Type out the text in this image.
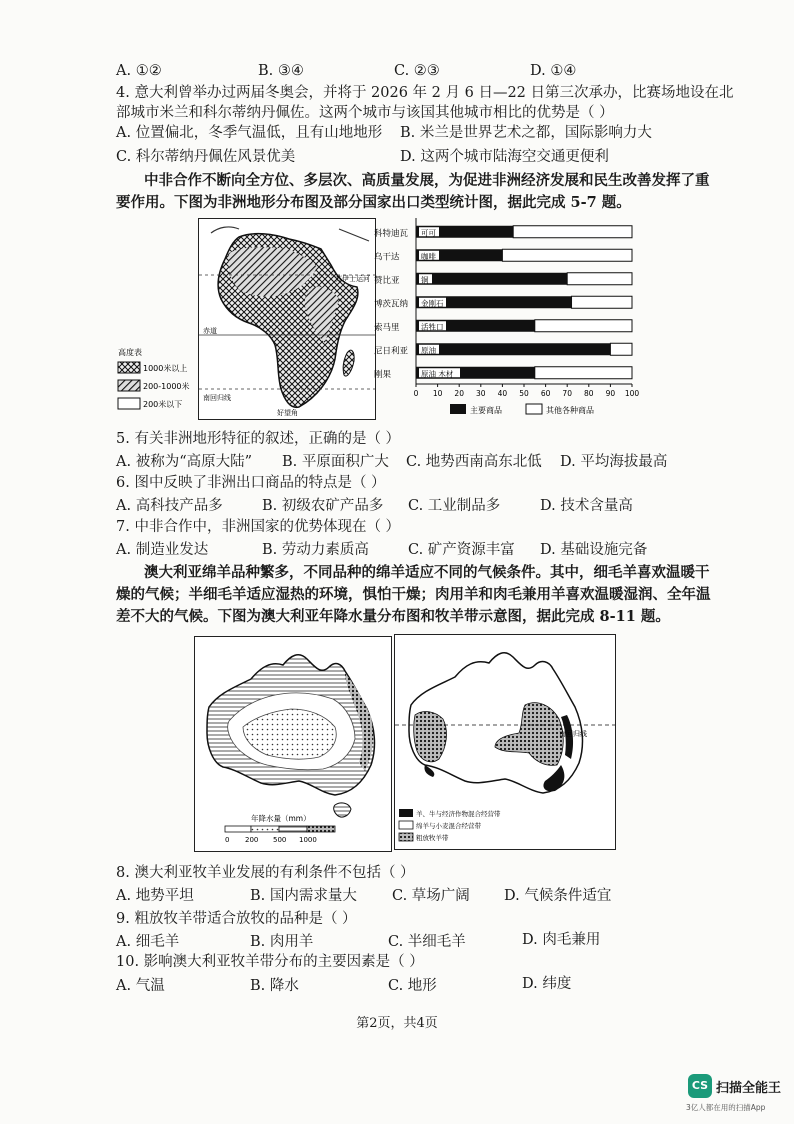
A. ①②	B. ③④	C. ②③	D. ①④
4. 意大利曾举办过两届冬奥会，并将于 2026 年 2 月 6 日—22 日第三次承办，比赛场地设在北
部城市米兰和科尔蒂纳丹佩佐。这两个城市与该国其他城市相比的优势是（ ）
A. 位置偏北，冬季气温低，且有山地地形 B. 米兰是世界艺术之都，国际影响力大
C. 科尔蒂纳丹佩佐风景优美	D. 这两个城市陆海空交通更便利
中非合作不断向全方位、多层次、高质量发展，为促进非洲经济发展和民生改善发挥了重
要作用。下图为非洲地形分布图及部分国家出口类型统计图，据此完成 5-7 题。
苏伊士运河
赤道
南回归线
好望角
高度表
1000米以上
200-1000米
200米以下
科特迪瓦 可可
乌干达	咖啡
赞比亚	铜
博茨瓦纳 金刚石
索马里	活牲口
尼日利亚 原油
刚果	原油 木材
0 10 20 30 40 50 60 70 80 90 100
主要商品	其他各种商品
5. 有关非洲地形特征的叙述，正确的是（ ）
A. 被称为“高原大陆” B. 平原面积广大 C. 地势西南高东北低 D. 平均海拔最高
6. 图中反映了非洲出口商品的特点是（ ）
A. 高科技产品多	B. 初级农矿产品多 C. 工业制品多	D. 技术含量高
7. 中非合作中，非洲国家的优势体现在（ ）
A. 制造业发达	B. 劳动力素质高	C. 矿产资源丰富 D. 基础设施完备
澳大利亚绵羊品种繁多，不同品种的绵羊适应不同的气候条件。其中，细毛羊喜欢温暖干
燥的气候；半细毛羊适应湿热的环境，惧怕干燥；肉用羊和肉毛兼用羊喜欢温暖湿润、全年温
差不大的气候。下图为澳大利亚年降水量分布图和牧羊带示意图，据此完成 8-11 题。
年降水量（mm）
0 200 500 1000
南回归线
羊、牛与经济作物混合经营带
绵羊与小麦混合经营带
粗放牧羊带
8. 澳大利亚牧羊业发展的有利条件不包括（ ）
A. 地势平坦	B. 国内需求量大 C. 草场广阔 D. 气候条件适宜
9. 粗放牧羊带适合放牧的品种是（ ）
A. 细毛羊	B. 肉用羊	C. 半细毛羊	D. 肉毛兼用
10. 影响澳大利亚牧羊带分布的主要因素是（ ）
A. 气温	B. 降水	C. 地形	D. 纬度
第2页，共4页
CS 扫描全能王
3亿人都在用的扫描App
